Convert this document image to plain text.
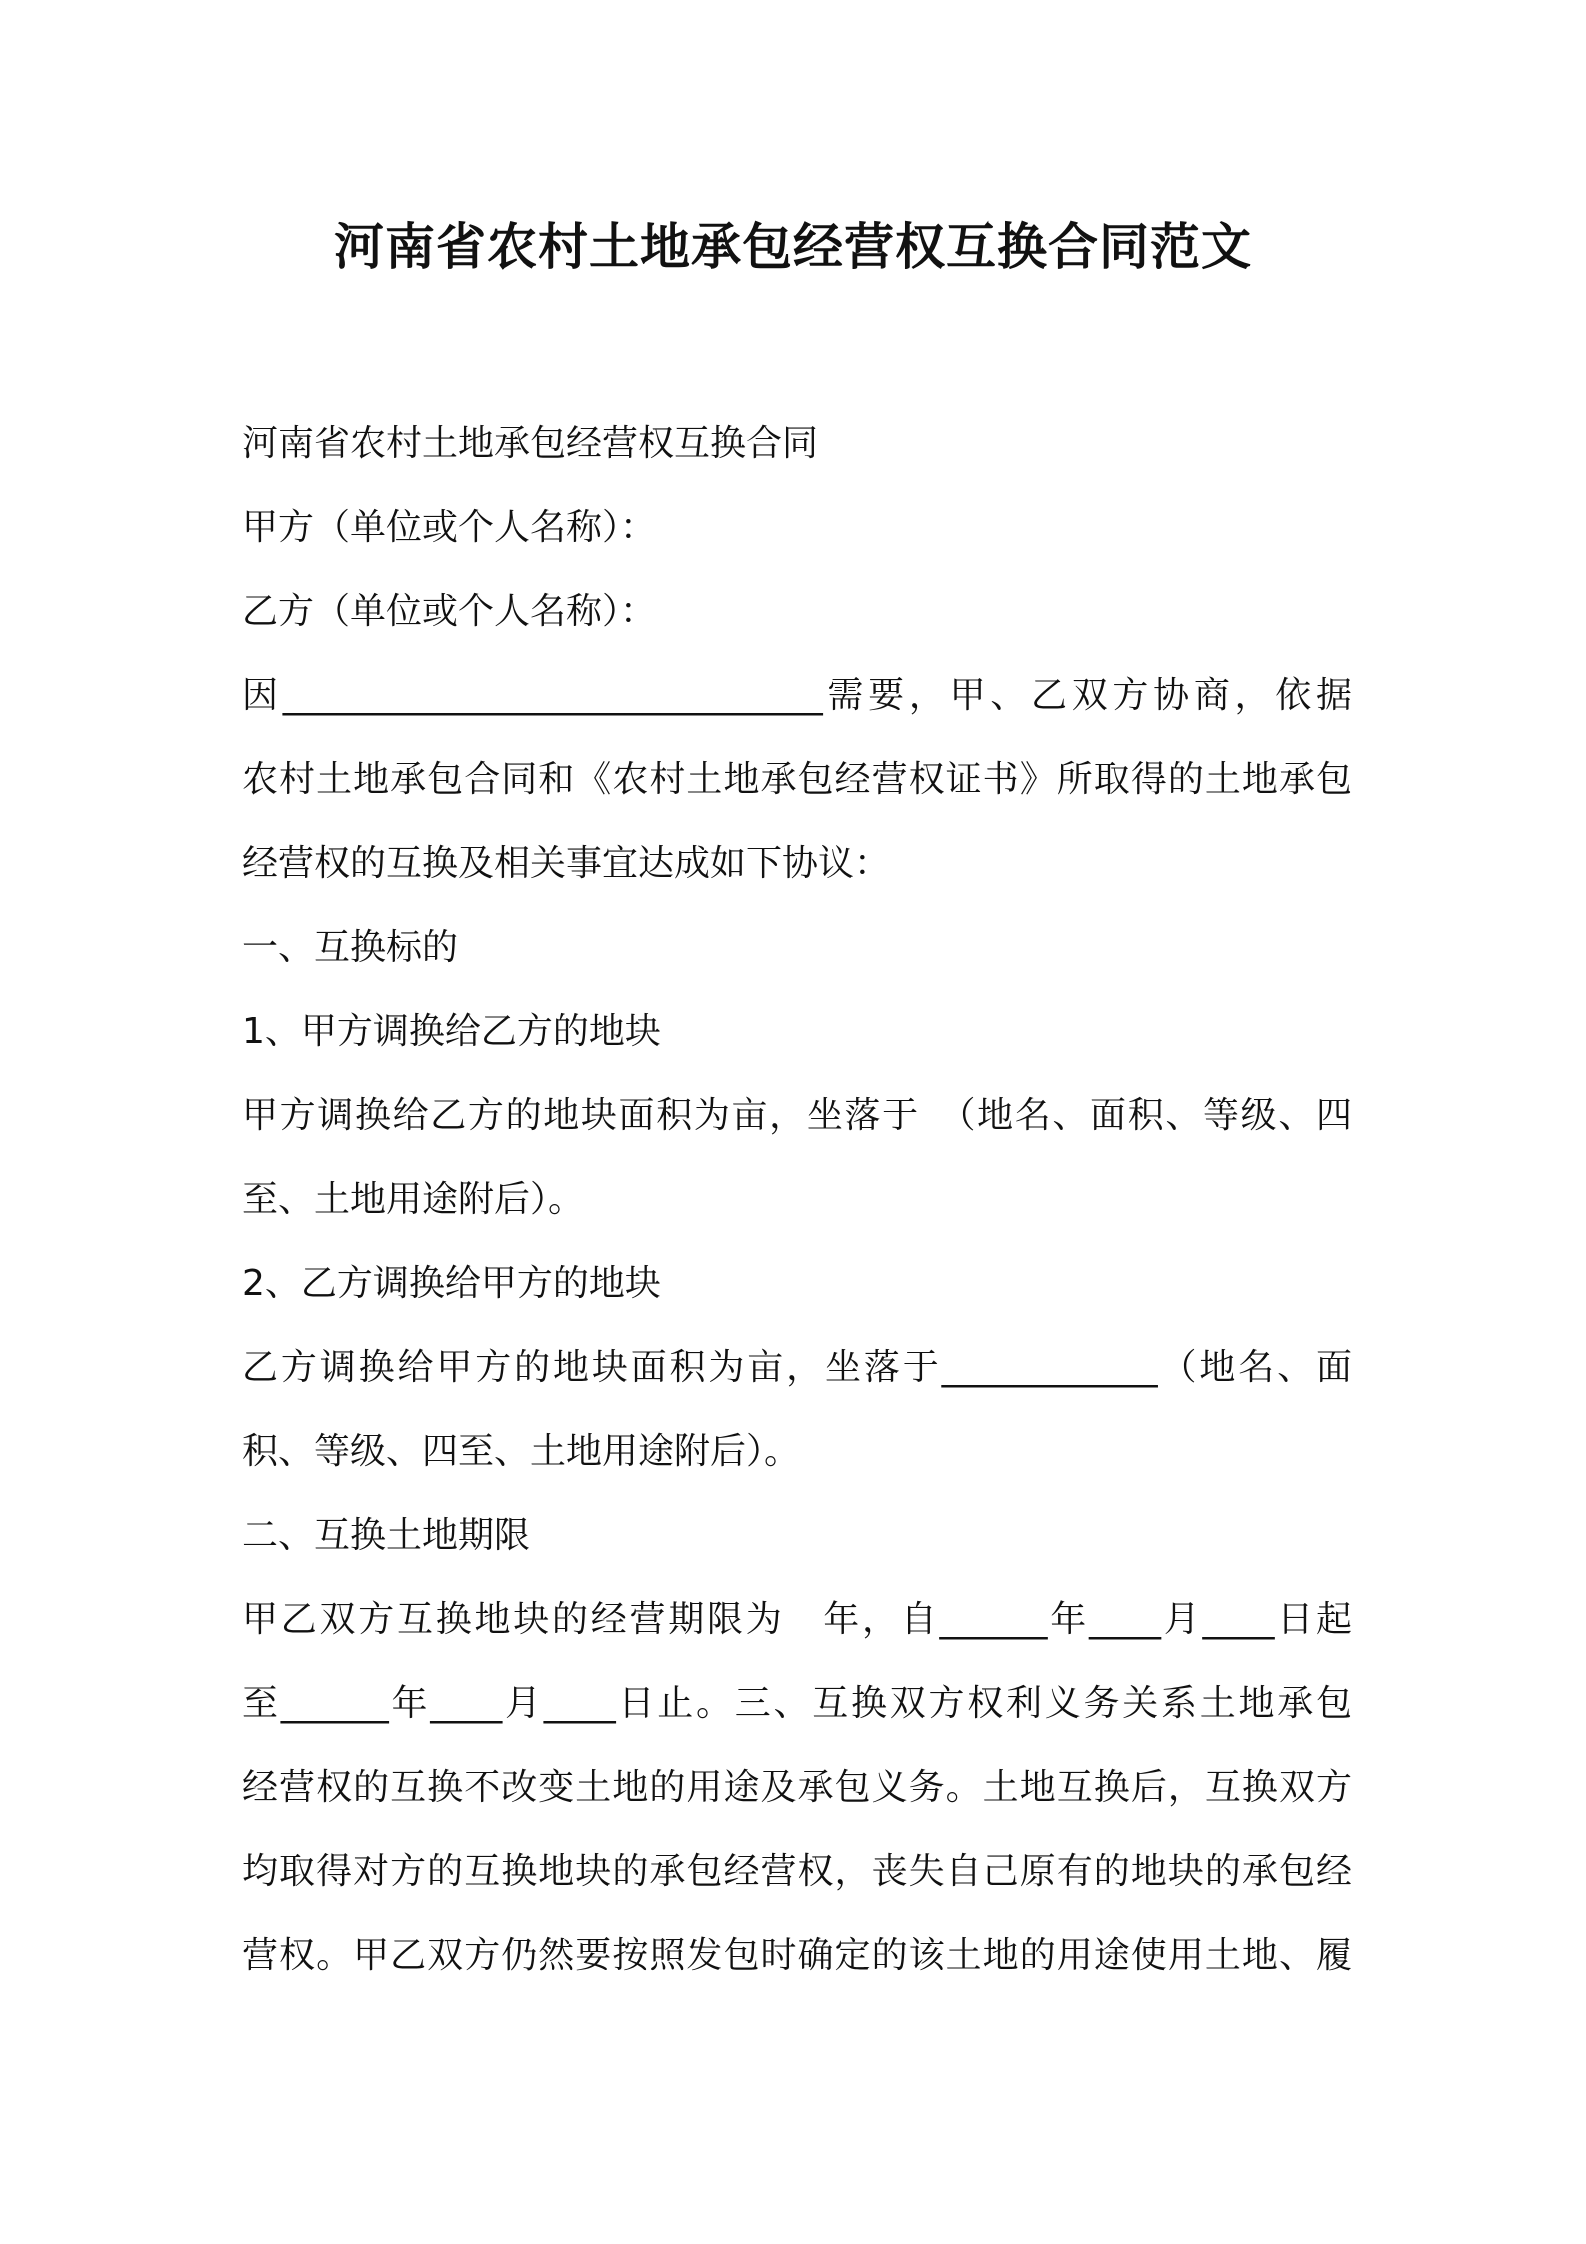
河南省农村土地承包经营权互换合同范文
河南省农村土地承包经营权互换合同
甲方（单位或个人名称）：
乙方（单位或个人名称）：
因______________________________需要，甲、乙双方协商，依据
农村土地承包合同和《农村土地承包经营权证书》所取得的土地承包
经营权的互换及相关事宜达成如下协议：
一、互换标的
1、甲方调换给乙方的地块
甲方调换给乙方的地块面积为亩，坐落于　（地名、面积、等级、四
至、土地用途附后）。
2、乙方调换给甲方的地块
乙方调换给甲方的地块面积为亩，坐落于____________（地名、面
积、等级、四至、土地用途附后）。
二、互换土地期限
甲乙双方互换地块的经营期限为　年，自______年____月____日起
至______年____月____日止。三、互换双方权利义务关系土地承包
经营权的互换不改变土地的用途及承包义务。土地互换后，互换双方
均取得对方的互换地块的承包经营权，丧失自己原有的地块的承包经
营权。甲乙双方仍然要按照发包时确定的该土地的用途使用土地、履
